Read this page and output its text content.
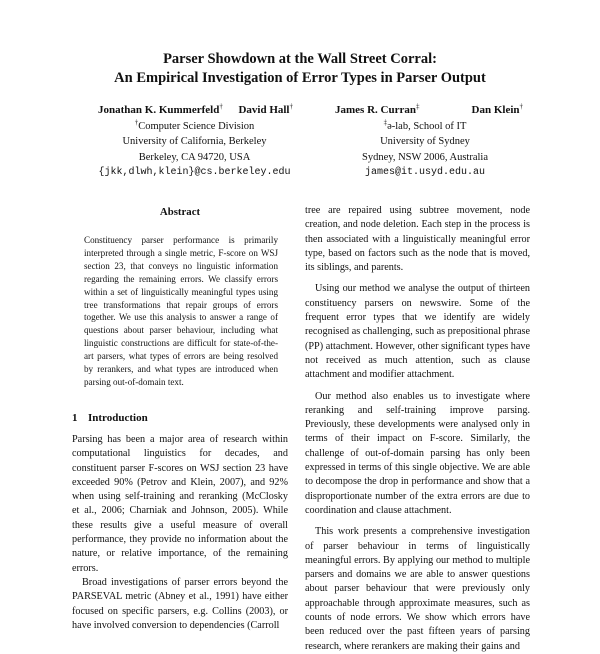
Parser Showdown at the Wall Street Corral:
An Empirical Investigation of Error Types in Parser Output
Jonathan K. Kummerfeld† David Hall†
†Computer Science Division
University of California, Berkeley
Berkeley, CA 94720, USA
{jkk,dlwh,klein}@cs.berkeley.edu
James R. Curran‡	Dan Klein†
‡ə-lab, School of IT
University of Sydney
Sydney, NSW 2006, Australia
james@it.usyd.edu.au
Abstract
Constituency parser performance is primarily interpreted through a single metric, F-score on WSJ section 23, that conveys no linguistic information regarding the remaining errors. We classify errors within a set of linguistically meaningful types using tree transformations that repair groups of errors together. We use this analysis to answer a range of questions about parser behaviour, including what linguistic constructions are difficult for state-of-the-art parsers, what types of errors are being resolved by rerankers, and what types are introduced when parsing out-of-domain text.
1 Introduction

Parsing has been a major area of research within computational linguistics for decades, and constituent parser F-scores on WSJ section 23 have exceeded 90% (Petrov and Klein, 2007), and 92% when using self-training and reranking (McClosky et al., 2006; Charniak and Johnson, 2005). While these results give a useful measure of overall performance, they provide no information about the nature, or relative importance, of the remaining errors.

Broad investigations of parser errors beyond the PARSEVAL metric (Abney et al., 1991) have either focused on specific parsers, e.g. Collins (2003), or have involved conversion to dependencies (Carroll

tree are repaired using subtree movement, node creation, and node deletion. Each step in the process is then associated with a linguistically meaningful error type, based on factors such as the node that is moved, its siblings, and parents.

Using our method we analyse the output of thirteen constituency parsers on newswire. Some of the frequent error types that we identify are widely recognised as challenging, such as prepositional phrase (PP) attachment. However, other significant types have not received as much attention, such as clause attachment and modifier attachment.

Our method also enables us to investigate where reranking and self-training improve parsing. Previously, these developments were analysed only in terms of their impact on F-score. Similarly, the challenge of out-of-domain parsing has only been expressed in terms of this single objective. We are able to decompose the drop in performance and show that a disproportionate number of the extra errors are due to coordination and clause attachment.

This work presents a comprehensive investigation of parser behaviour in terms of linguistically meaningful errors. By applying our method to multiple parsers and domains we are able to answer questions about parser behaviour that were previously only approachable through approximate measures, such as counts of node errors. We show which errors have been reduced over the past fifteen years of parsing research, where rerankers are making their gains and
